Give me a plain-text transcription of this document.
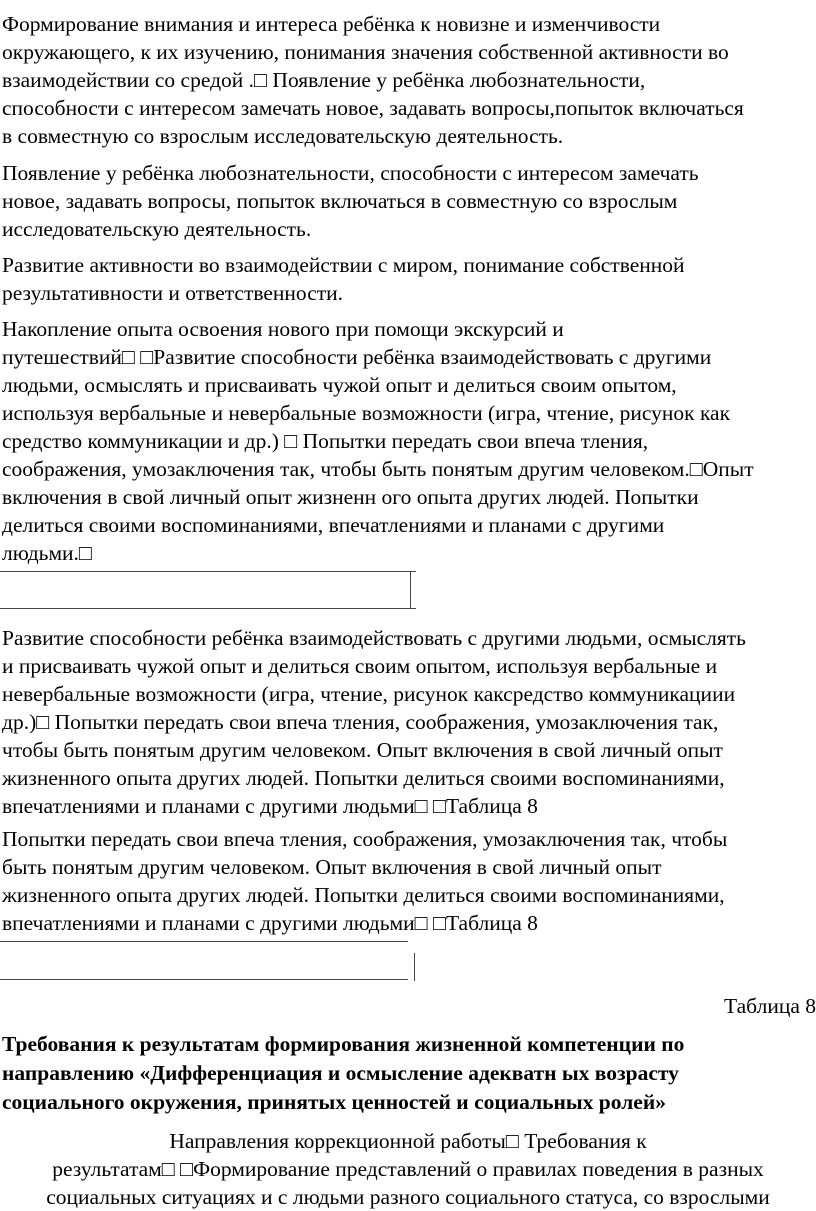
Формирование внимания и интереса ребёнка к новизне и изменчивости
окружающего, к их изучению, понимания значения собственной активности во
взаимодействии со средой .□ Появление у ребёнка любознательности,
способности с интересом замечать новое, задавать вопросы,попыток включаться
в совместную со взрослым исследовательскую деятельность.
Появление у ребёнка любознательности, способности с интересом замечать
новое, задавать вопросы, попыток включаться в совместную со взрослым
исследовательскую деятельность.
Развитие активности во взаимодействии с миром, понимание собственной
результативности и ответственности.
Накопление опыта освоения нового при помощи экскурсий и
путешествий□ □Развитие способности ребёнка взаимодействовать с другими
людьми, осмыслять и присваивать чужой опыт и делиться своим опытом,
используя вербальные и невербальные возможности (игра, чтение, рисунок как
средство коммуникации и др.) □ Попытки передать свои впеча тления,
соображения, умозаключения так, чтобы быть понятым другим человеком.□Опыт
включения в свой личный опыт жизненн ого опыта других людей. Попытки
делиться своими воспоминаниями, впечатлениями и планами с другими
людьми.□
Развитие способности ребёнка взаимодействовать с другими людьми, осмыслять
и присваивать чужой опыт и делиться своим опытом, используя вербальные и
невербальные возможности (игра, чтение, рисунок каксредство коммуникациии
др.)□ Попытки передать свои впеча тления, соображения, умозаключения так,
чтобы быть понятым другим человеком. Опыт включения в свой личный опыт
жизненного опыта других людей. Попытки делиться своими воспоминаниями,
впечатлениями и планами с другими людьми□ □Таблица 8
Попытки передать свои впеча тления, соображения, умозаключения так, чтобы
быть понятым другим человеком. Опыт включения в свой личный опыт
жизненного опыта других людей. Попытки делиться своими воспоминаниями,
впечатлениями и планами с другими людьми□ □Таблица 8
Таблица 8
Требования к результатам формирования жизненной компетенции по
направлению «Дифференциация и осмысление адекватн ых возрасту
социального окружения, принятых ценностей и социальных ролей»
Направления коррекционной работы□ Требования к
результатам□ □Формирование представлений о правилах поведения в разных
социальных ситуациях и с людьми разного социального статуса, со взрослыми
